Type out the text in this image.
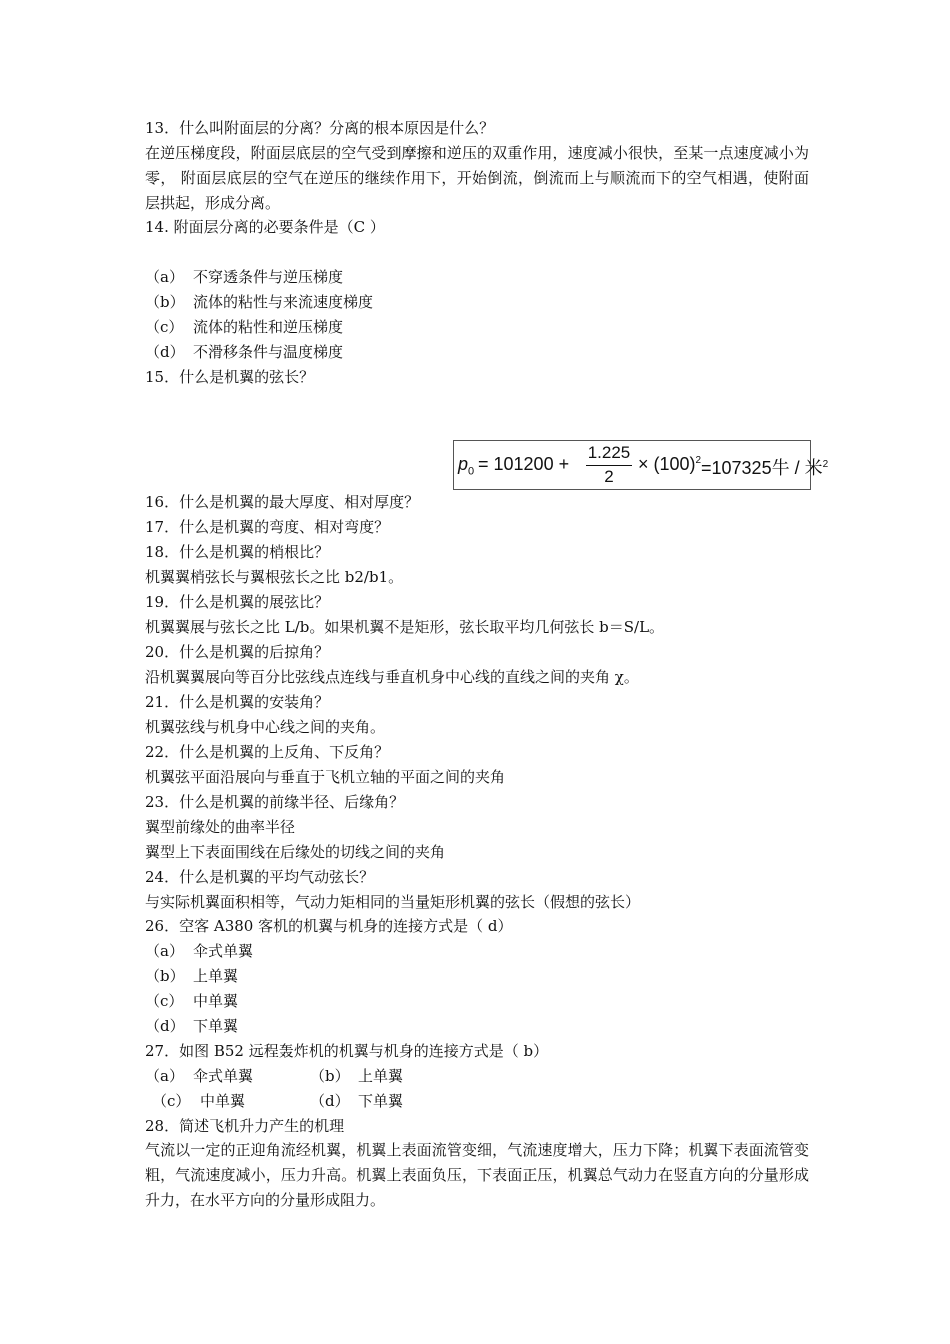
13．什么叫附面层的分离？分离的根本原因是什么？
在逆压梯度段，附面层底层的空气受到摩擦和逆压的双重作用，速度减小很快，至某一点速度减小为零， 附面层底层的空气在逆压的继续作用下，开始倒流，倒流而上与顺流而下的空气相遇，使附面层拱起，形成分离。
14. 附面层分离的必要条件是（C ）
（a） 不穿透条件与逆压梯度
（b） 流体的粘性与来流速度梯度
（c） 流体的粘性和逆压梯度
（d） 不滑移条件与温度梯度
15．什么是机翼的弦长？
$p_0 = 101200$ +
1.225
2
× $(100)^2 =107325$牛 / 米$^2$
16．什么是机翼的最大厚度、相对厚度？
17．什么是机翼的弯度、相对弯度？
18．什么是机翼的梢根比？
机翼翼梢弦长与翼根弦长之比 b2/b1。
19．什么是机翼的展弦比？
机翼翼展与弦长之比 L/b。如果机翼不是矩形，弦长取平均几何弦长 b＝S/L。
20．什么是机翼的后掠角？
沿机翼翼展向等百分比弦线点连线与垂直机身中心线的直线之间的夹角 χ。
21．什么是机翼的安装角？
机翼弦线与机身中心线之间的夹角。
22．什么是机翼的上反角、下反角？
机翼弦平面沿展向与垂直于飞机立轴的平面之间的夹角
23．什么是机翼的前缘半径、后缘角？
翼型前缘处的曲率半径
翼型上下表面围线在后缘处的切线之间的夹角
24．什么是机翼的平均气动弦长？
与实际机翼面积相等，气动力矩相同的当量矩形机翼的弦长（假想的弦长）
26．空客 A380 客机的机翼与机身的连接方式是（ d）
（a） 伞式单翼
（b） 上单翼
（c） 中单翼
（d） 下单翼
27．如图 B52 远程轰炸机的机翼与机身的连接方式是（ b）
（a） 伞式单翼	（b） 上单翼
（c） 中单翼	（d） 下单翼
28．简述飞机升力产生的机理
气流以一定的正迎角流经机翼，机翼上表面流管变细，气流速度增大，压力下降；机翼下表面流管变粗，气流速度减小，压力升高。机翼上表面负压，下表面正压，机翼总气动力在竖直方向的分量形成升力，在水平方向的分量形成阻力。
